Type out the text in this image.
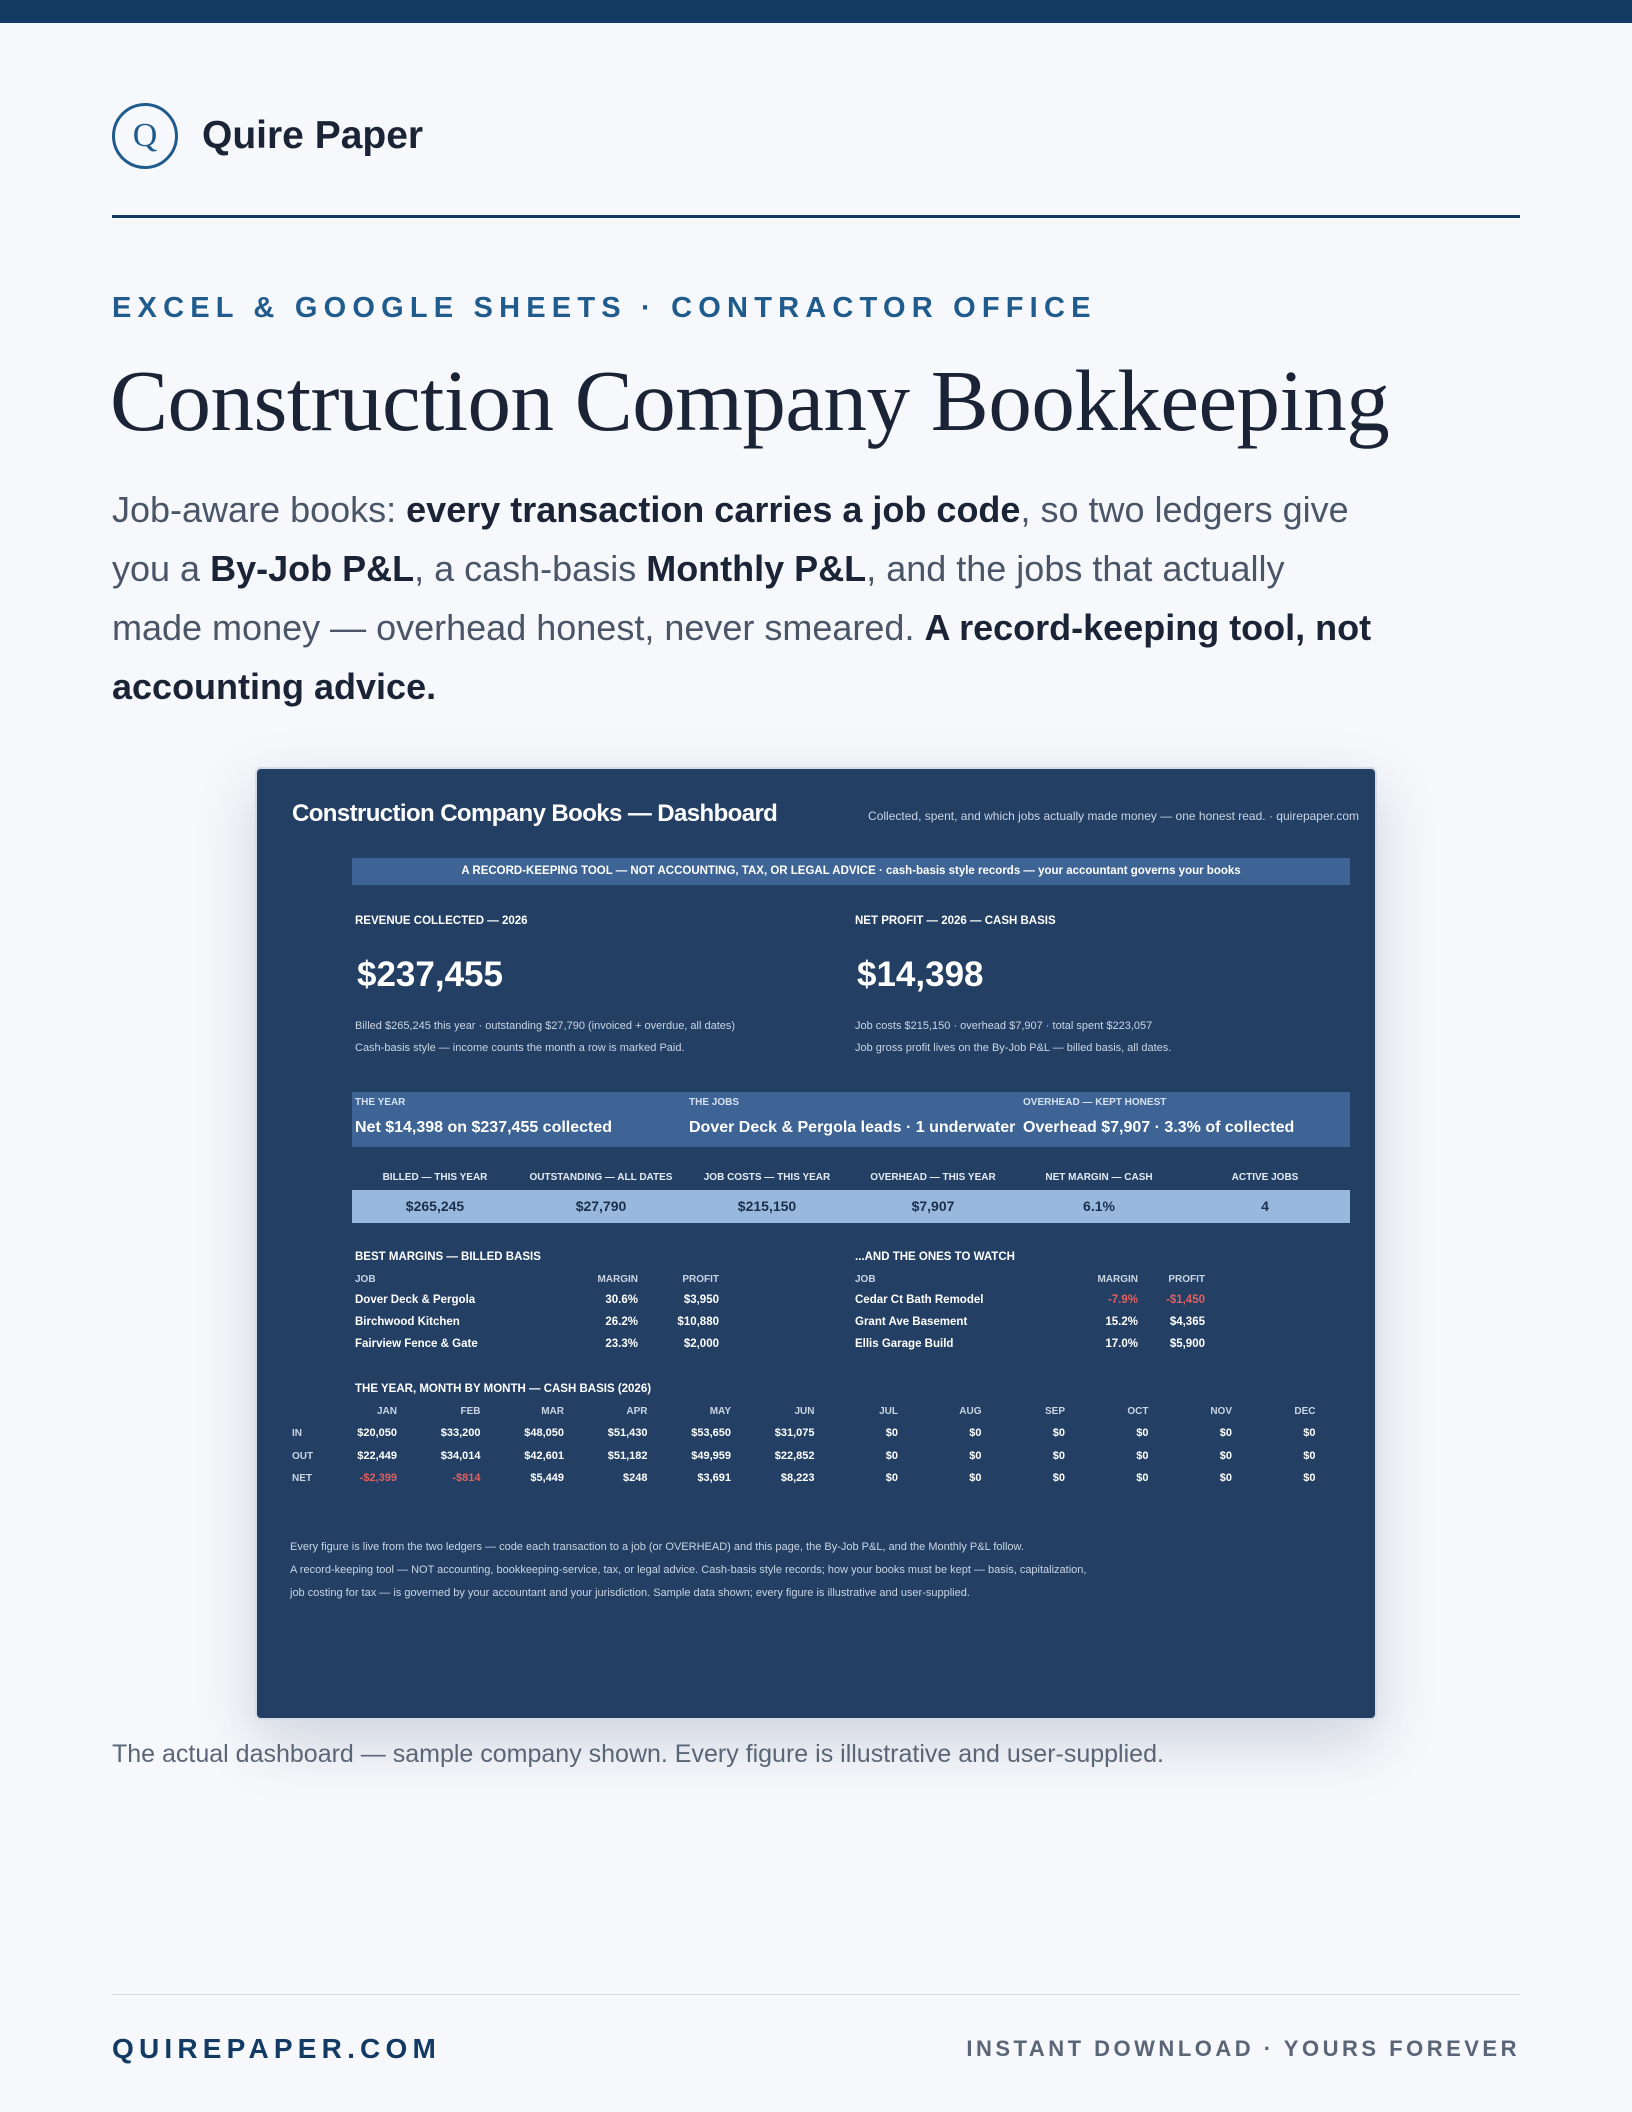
Q	Quire Paper
EXCEL & GOOGLE SHEETS · CONTRACTOR OFFICE
Construction Company Bookkeeping
Job-aware books: every transaction carries a job code, so two ledgers give you a By-Job P&L, a cash-basis Monthly P&L, and the jobs that actually made money — overhead honest, never smeared. A record-keeping tool, not accounting advice.
Construction Company Books — Dashboard	Collected, spent, and which jobs actually made money — one honest read. · quirepaper.com
A RECORD-KEEPING TOOL — NOT ACCOUNTING, TAX, OR LEGAL ADVICE · cash-basis style records — your accountant governs your books
REVENUE COLLECTED — 2026
$237,455
Billed $265,245 this year · outstanding $27,790 (invoiced + overdue, all dates)
Cash-basis style — income counts the month a row is marked Paid.
NET PROFIT — 2026 — CASH BASIS
$14,398
Job costs $215,150 · overhead $7,907 · total spent $223,057
Job gross profit lives on the By-Job P&L — billed basis, all dates.
THE YEAR
Net $14,398 on $237,455 collected
THE JOBS
Dover Deck & Pergola leads · 1 underwater
OVERHEAD — KEPT HONEST
Overhead $7,907 · 3.3% of collected
BILLED — THIS YEAR	OUTSTANDING — ALL DATES	JOB COSTS — THIS YEAR	OVERHEAD — THIS YEAR	NET MARGIN — CASH	ACTIVE JOBS
$265,245	$27,790	$215,150	$7,907	6.1%	4
BEST MARGINS — BILLED BASIS
JOB	MARGIN	PROFIT
Dover Deck & Pergola	30.6%	$3,950
Birchwood Kitchen	26.2%	$10,880
Fairview Fence & Gate	23.3%	$2,000
...AND THE ONES TO WATCH
JOB	MARGIN	PROFIT
Cedar Ct Bath Remodel	-7.9%	-$1,450
Grant Ave Basement	15.2%	$4,365
Ellis Garage Build	17.0%	$5,900
THE YEAR, MONTH BY MONTH — CASH BASIS (2026)
JAN	FEB	MAR	APR	MAY	JUN	JUL	AUG	SEP	OCT	NOV	DEC
IN	$20,050	$33,200	$48,050	$51,430	$53,650	$31,075	$0	$0	$0	$0	$0	$0
OUT	$22,449	$34,014	$42,601	$51,182	$49,959	$22,852	$0	$0	$0	$0	$0	$0
NET	-$2,399	-$814	$5,449	$248	$3,691	$8,223	$0	$0	$0	$0	$0	$0
Every figure is live from the two ledgers — code each transaction to a job (or OVERHEAD) and this page, the By-Job P&L, and the Monthly P&L follow.
A record-keeping tool — NOT accounting, bookkeeping-service, tax, or legal advice. Cash-basis style records; how your books must be kept — basis, capitalization,
job costing for tax — is governed by your accountant and your jurisdiction. Sample data shown; every figure is illustrative and user-supplied.
The actual dashboard — sample company shown. Every figure is illustrative and user-supplied.
QUIREPAPER.COM	INSTANT DOWNLOAD · YOURS FOREVER
